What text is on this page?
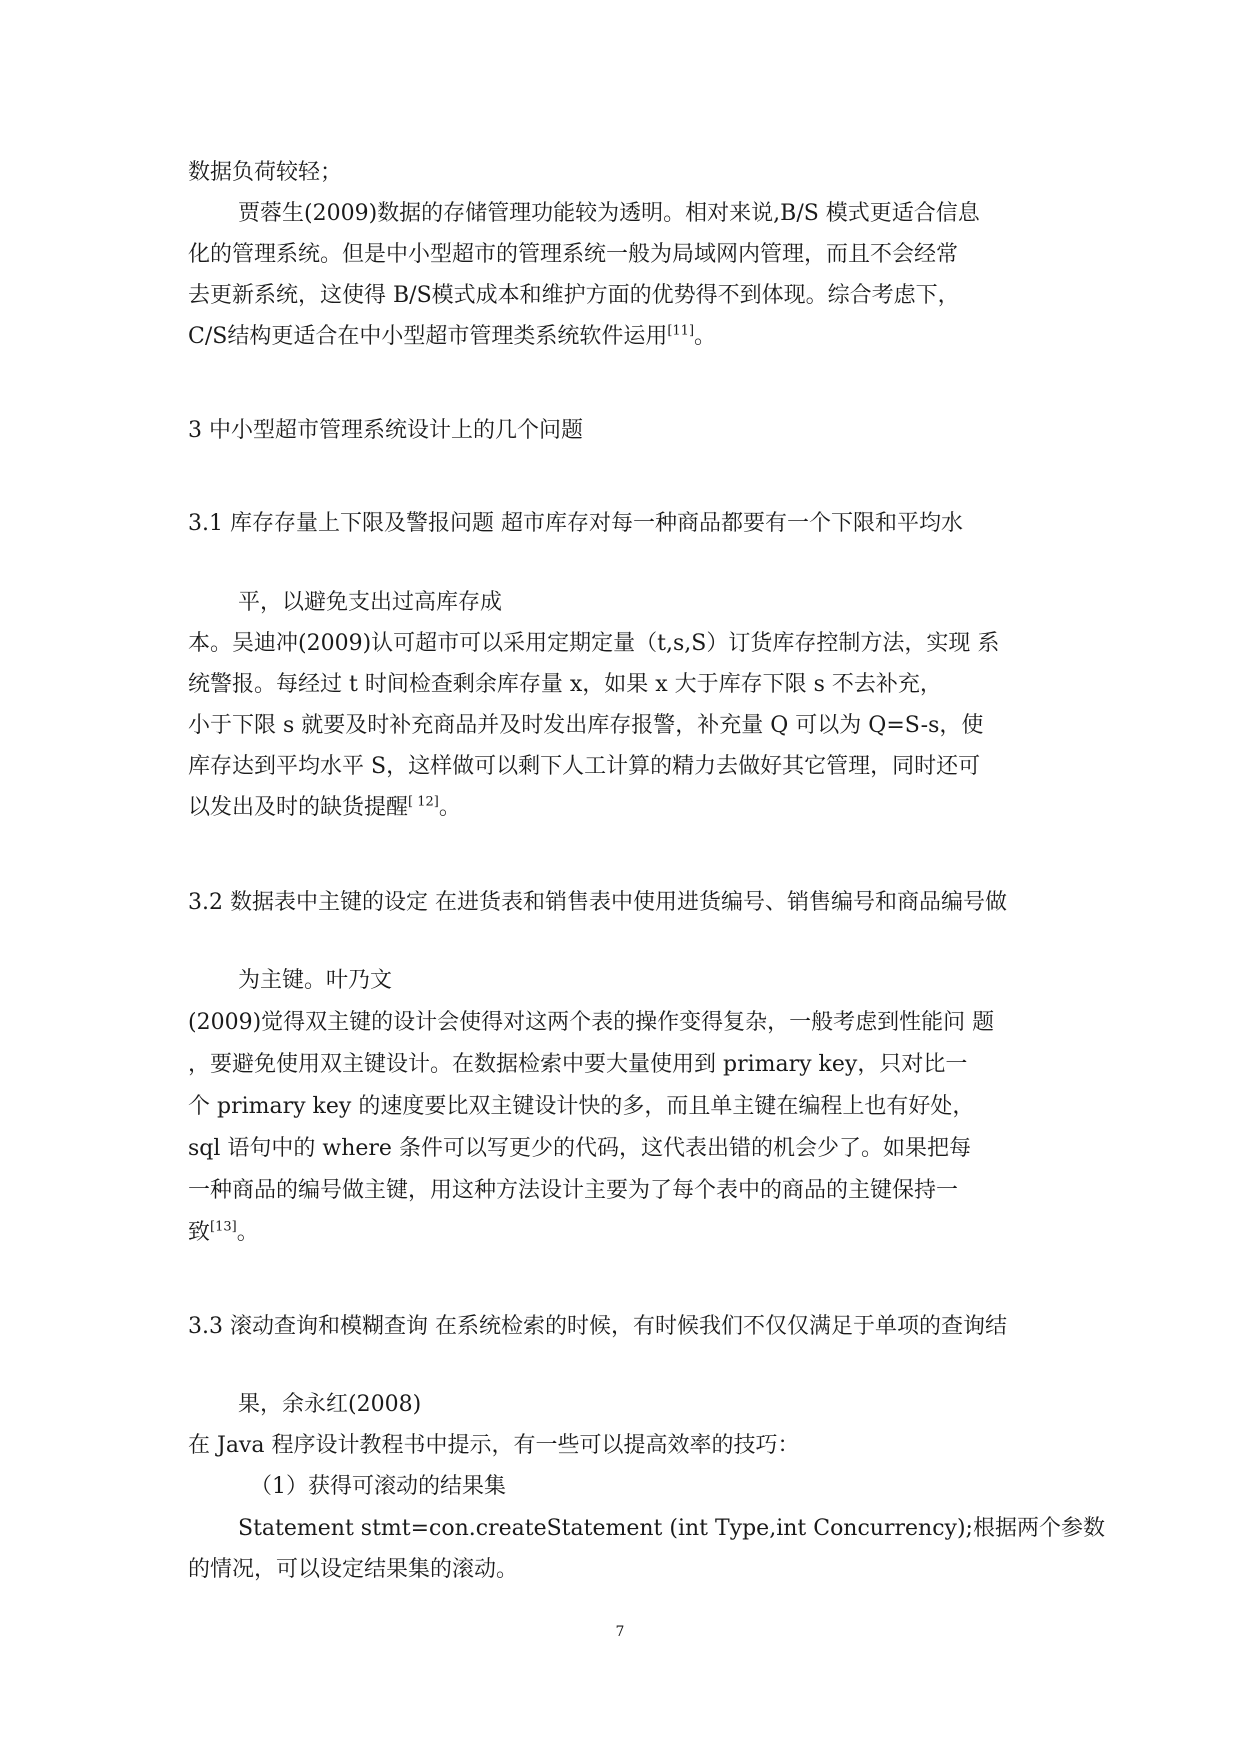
数据负荷较轻；
贾蓉生(2009)数据的存储管理功能较为透明。相对来说,B/S 模式更适合信息
化的管理系统。但是中小型超市的管理系统一般为局域网内管理，而且不会经常
去更新系统，这使得 B/S模式成本和维护方面的优势得不到体现。综合考虑下，
C/S结构更适合在中小型超市管理类系统软件运用[11]。
3 中小型超市管理系统设计上的几个问题
3.1 库存存量上下限及警报问题 超市库存对每一种商品都要有一个下限和平均水
平，以避免支出过高库存成
本。吴迪冲(2009)认可超市可以采用定期定量（t,s,S）订货库存控制方法，实现 系
统警报。每经过 t 时间检查剩余库存量 x，如果 x 大于库存下限 s 不去补充，
小于下限 s 就要及时补充商品并及时发出库存报警，补充量 Q 可以为 Q=S-s，使
库存达到平均水平 S，这样做可以剩下人工计算的精力去做好其它管理，同时还可
以发出及时的缺货提醒[ 12]。
3.2 数据表中主键的设定 在进货表和销售表中使用进货编号、销售编号和商品编号做
为主键。叶乃文
(2009)觉得双主键的设计会使得对这两个表的操作变得复杂，一般考虑到性能问 题
，要避免使用双主键设计。在数据检索中要大量使用到 primary key，只对比一
个 primary key 的速度要比双主键设计快的多，而且单主键在编程上也有好处，
sql 语句中的 where 条件可以写更少的代码，这代表出错的机会少了。如果把每
一种商品的编号做主键，用这种方法设计主要为了每个表中的商品的主键保持一
致[13]。
3.3 滚动查询和模糊查询 在系统检索的时候，有时候我们不仅仅满足于单项的查询结
果，余永红(2008)
在 Java 程序设计教程书中提示，有一些可以提高效率的技巧：
（1）获得可滚动的结果集
Statement stmt=con.createStatement (int Type,int Concurrency);根据两个参数
的情况，可以设定结果集的滚动。
7
